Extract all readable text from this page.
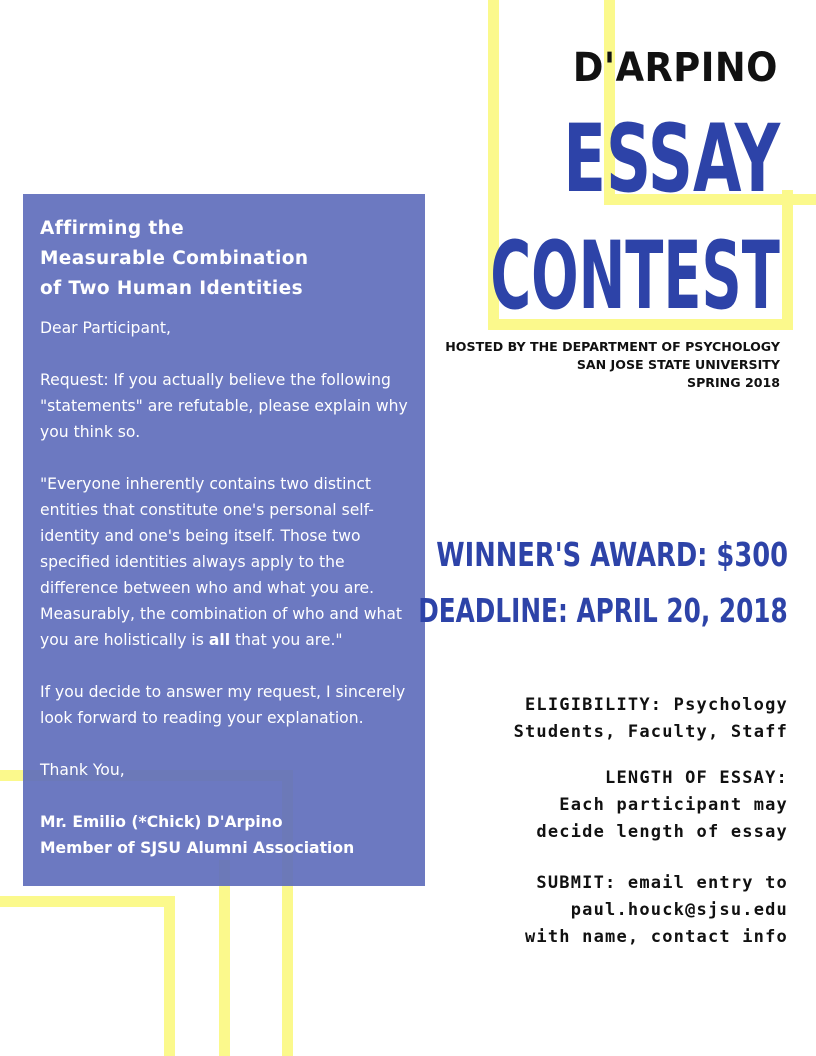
Affirming the
Measurable Combination
of Two Human Identities

Dear Participant,

Request: If you actually believe the following "statements" are refutable, please explain why you think so.

"Everyone inherently contains two distinct entities that constitute one's personal self-identity and one's being itself. Those two specified identities always apply to the difference between who and what you are. Measurably, the combination of who and what you are holistically is all that you are."

If you decide to answer my request, I sincerely look forward to reading your explanation.

Thank You,

Mr. Emilio (*Chick) D'Arpino
Member of SJSU Alumni Association
D'ARPINO
ESSAY
CONTEST
HOSTED BY THE DEPARTMENT OF PSYCHOLOGY
SAN JOSE STATE UNIVERSITY
SPRING 2018
WINNER'S AWARD: $300
DEADLINE: APRIL 20, 2018
ELIGIBILITY: Psychology
Students, Faculty, Staff
LENGTH OF ESSAY:
Each participant may
decide length of essay
SUBMIT: email entry to
paul.houck@sjsu.edu
with name, contact info
